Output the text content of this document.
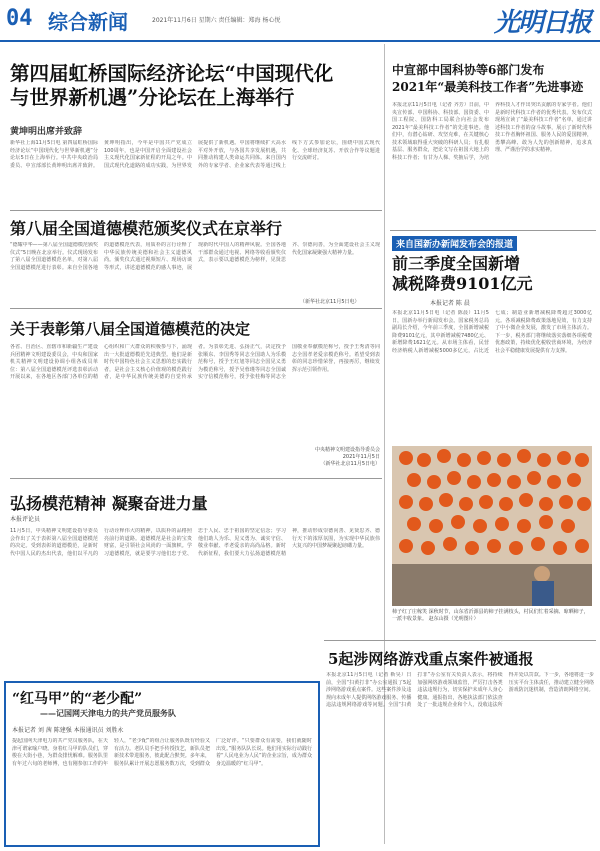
04 综合新闻	2021年11月6日 星期六 责任编辑：郑海 杨心悦	光明日报
第四届虹桥国际经济论坛“中国现代化
与世界新机遇”分论坛在上海举行
黄坤明出席并致辞
新华社上海11月5日电 第四届虹桥国际经济论坛“中国现代化与世界新机遇”分论坛5日在上海举行。中共中央政治局委员、中宣部部长黄坤明出席并致辞。黄坤明指出，今年是中国共产党成立100周年，也是中国开启全面建设社会主义现代化国家新征程的开局之年。中国式现代化道路的成功实践，为世界发展提供了新机遇。中国将继续扩大高水平对外开放，与各国共享发展机遇，共同推动构建人类命运共同体。来自国内外的专家学者、企业家代表等通过线上线下方式参加论坛，围绕中国式现代化、全球经济复苏、开放合作等议题进行交流研讨。
第八届全国道德模范颁奖仪式在京举行
“德耀中华——第八届全国道德模范颁奖仪式”5日晚在北京举行。仪式现场发布了第八届全国道德模范名单，对第八届全国道德模范进行表彰。来自全国各地的道德模范代表，用质朴的言行诠释了中华民族传统美德和社会主义道德风尚。颁奖仪式通过视频短片、现场访谈等形式，讲述道德模范的感人事迹，展现新时代中国人的精神风貌。全国各地干部群众通过电视、网络等收看颁奖仪式，表示要以道德模范为榜样，见贤思齐、崇德向善，为全面建设社会主义现代化国家凝聚强大精神力量。
（新华社北京11月5日电）
关于表彰第八届全国道德模范的决定
各省、自治区、直辖市和新疆生产建设兵团精神文明建设委员会，中央和国家机关精神文明建设协调小组各成员单位：第八届全国道德模范评选表彰活动开展以来，在各地区各部门各单位的精心组织和广大群众的积极参与下，涌现出一大批道德模范先进典型。他们是新时代中国特色社会主义思想的忠实践行者，是社会主义核心价值观的模范践行者，是中华民族传统美德的自觉传承者。为表彰先进、弘扬正气，决定授予张顺东、李国秀等同志全国助人为乐模范称号，授予王红旭等同志全国见义勇为模范称号，授予吴蓉瑾等同志全国诚实守信模范称号，授予张桂梅等同志全国敬业奉献模范称号，授予王秀清等同志全国孝老爱亲模范称号。希望受到表彰的同志珍惜荣誉，再接再厉，继续发挥示范引领作用。
中央精神文明建设指导委员会
2021年11月5日
（新华社北京11月5日电）
弘扬模范精神 凝聚奋进力量
本报评论员
11月5日，中央精神文明建设指导委员会作出了关于表彰第八届全国道德模范的决定。受到表彰的道德模范，是新时代中国人民的杰出代表，他们以平凡的行动诠释伟大的精神，以质朴的品格照亮前行的道路。道德模范是社会的宝贵财富，是引领社会风尚的一面旗帜。学习道德模范，就是要学习他们忠于党、忠于人民、忠于祖国的坚定信念；学习他们助人为乐、见义勇为、诚实守信、敬业奉献、孝老爱亲的高尚品格。新时代新征程，我们要大力弘扬道德模范精神，推动形成崇德向善、见贤思齐、德行天下的浓厚氛围，为实现中华民族伟大复兴的中国梦凝聚起磅礴力量。
“红马甲”的“老少配”
——记国网天津电力的共产党员服务队
本报记者 刘 茜 陈建强 本报通讯员 刘胜永
提起国网天津电力的共产党员服务队，在天津可谓家喻户晓。身着红马甲的队员们，穿梭在大街小巷，为群众排忧解难。服务队里有年过六旬的老师傅，也有刚参加工作的年轻人，“老少配”的组合让服务队既有经验又有活力。老队员手把手传授技艺，新队员把新技术带进服务，彼此配合默契。多年来，服务队累计开展志愿服务数万次，受到群众广泛好评。“只要群众有需要，我们就随时出发。”服务队队长说。他们用实际行动践行着“人民电业为人民”的企业宗旨，成为群众身边温暖的“红马甲”。
中宣部中国科协等6部门发布
2021年“最美科技工作者”先进事迹
本报北京11月5日电（记者 齐芳）日前，中央宣传部、中国科协、科技部、国资委、中国工程院、国防科工局联合向社会发布2021年“最美科技工作者”的先进事迹。他们中，有潜心钻研、攻坚克难，在关键核心技术领域取得重大突破的科研人员；有扎根基层、服务群众，把论文写在祖国大地上的科技工作者；有甘为人梯、奖掖后学，为培养科技人才作出突出贡献的专家学者。他们是新时代科技工作者的优秀代表。发布仪式现场宣读了“最美科技工作者”名单，通过讲述科技工作者的奋斗故事，展示了新时代科技工作者胸怀祖国、服务人民的爱国精神，勇攀高峰、敢为人先的创新精神，追求真理、严谨治学的求实精神。
来自国新办新闻发布会的报道
前三季度全国新增
减税降费9101亿元
本报记者 陈 晨
本报北京11月5日电（记者 陈晨）11月5日，国新办举行新闻发布会。国家税务总局副局长介绍，今年前三季度，全国新增减税降费9101亿元，其中新增减税7480亿元、新增降费1621亿元。从市场主体看，民营经济纳税人新增减税5000多亿元，占比近七成；制造业新增减税降费超过3000亿元。各项减税降费政策落地见效，有力支持了中小微企业发展，激发了市场主体活力。下一步，税务部门将继续落实落细各项税费优惠政策，持续优化税收营商环境，为经济社会平稳健康发展提供有力支撑。
柿子红了庄稼笑 深秋时节，山东省沂源县的柿子挂满枝头，村民们忙着采摘、晾晒柿子，一派丰收景象。 赵东山摄（光明图片）
5起涉网络游戏重点案件被通报
本报北京11月5日电（记者 靳昊）日前，全国“扫黄打非”办公室通报了5起涉网络游戏重点案件。这些案件涉及违规向未成年人提供网络游戏服务、传播违法违规网络游戏等问题。全国“扫黄打非”办公室有关负责人表示，将持续加强网络游戏领域监管，严厉打击各类违法违规行为，切实保护未成年人身心健康。通报指出，各地执法部门依法查处了一批违规企业和个人，没收违法所得并处以罚款。下一步，各地将进一步压实平台主体责任，推动建立健全网络游戏防沉迷机制，营造清朗网络空间。
